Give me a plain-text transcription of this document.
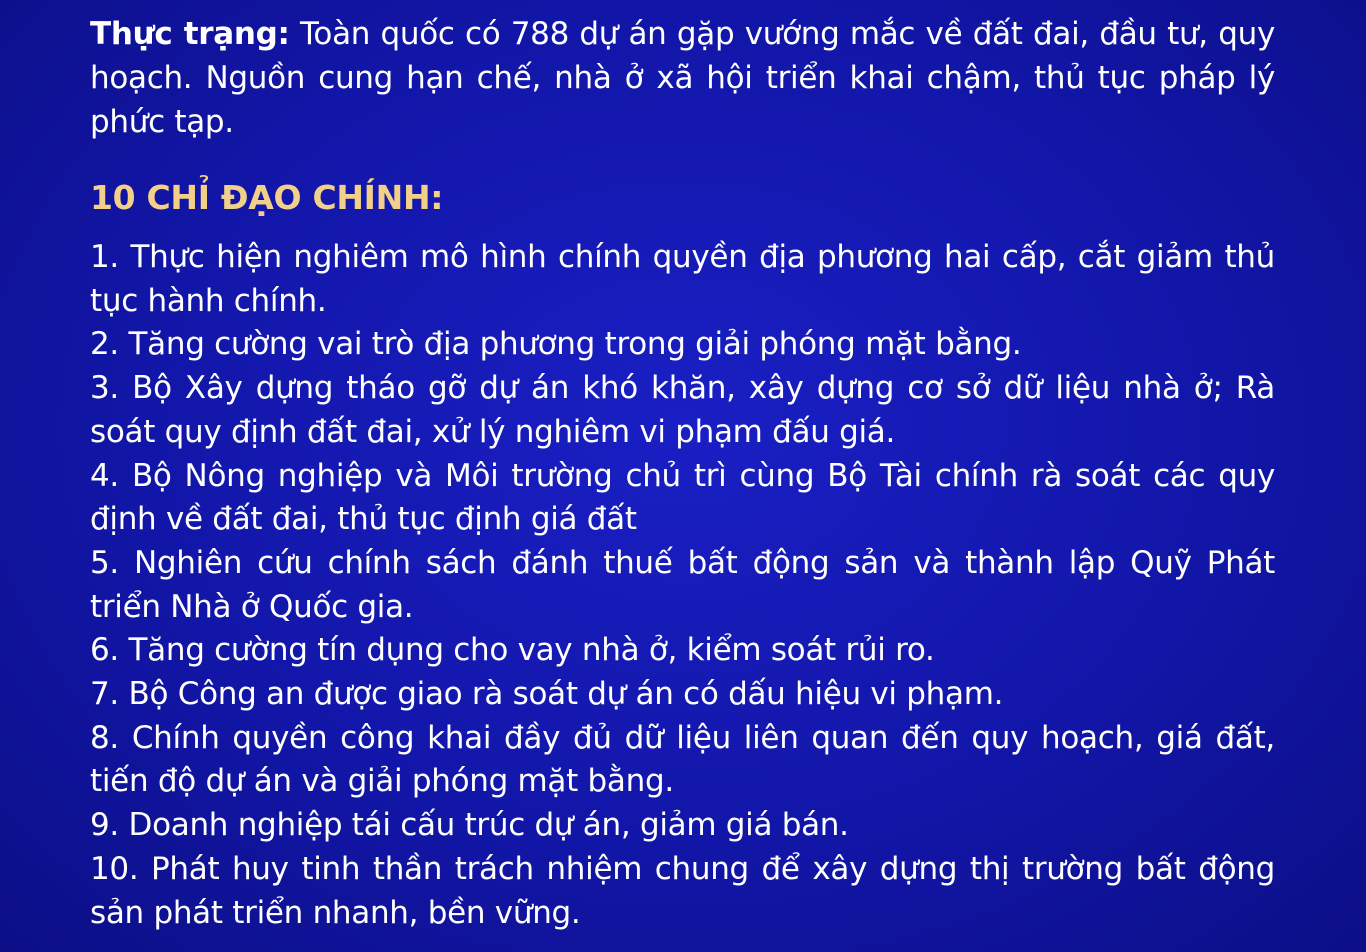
Thực trạng: Toàn quốc có 788 dự án gặp vướng mắc về đất đai, đầu tư, quy hoạch. Nguồn cung hạn chế, nhà ở xã hội triển khai chậm, thủ tục pháp lý phức tạp.

10 CHỈ ĐẠO CHÍNH:
1. Thực hiện nghiêm mô hình chính quyền địa phương hai cấp, cắt giảm thủ tục hành chính.
2. Tăng cường vai trò địa phương trong giải phóng mặt bằng.
3. Bộ Xây dựng tháo gỡ dự án khó khăn, xây dựng cơ sở dữ liệu nhà ở; Rà soát quy định đất đai, xử lý nghiêm vi phạm đấu giá.
4. Bộ Nông nghiệp và Môi trường chủ trì cùng Bộ Tài chính rà soát các quy định về đất đai, thủ tục định giá đất
5. Nghiên cứu chính sách đánh thuế bất động sản và thành lập Quỹ Phát triển Nhà ở Quốc gia.
6. Tăng cường tín dụng cho vay nhà ở, kiểm soát rủi ro.
7. Bộ Công an được giao rà soát dự án có dấu hiệu vi phạm.
8. Chính quyền công khai đầy đủ dữ liệu liên quan đến quy hoạch, giá đất, tiến độ dự án và giải phóng mặt bằng.
9. Doanh nghiệp tái cấu trúc dự án, giảm giá bán.
10. Phát huy tinh thần trách nhiệm chung để xây dựng thị trường bất động sản phát triển nhanh, bền vững.
